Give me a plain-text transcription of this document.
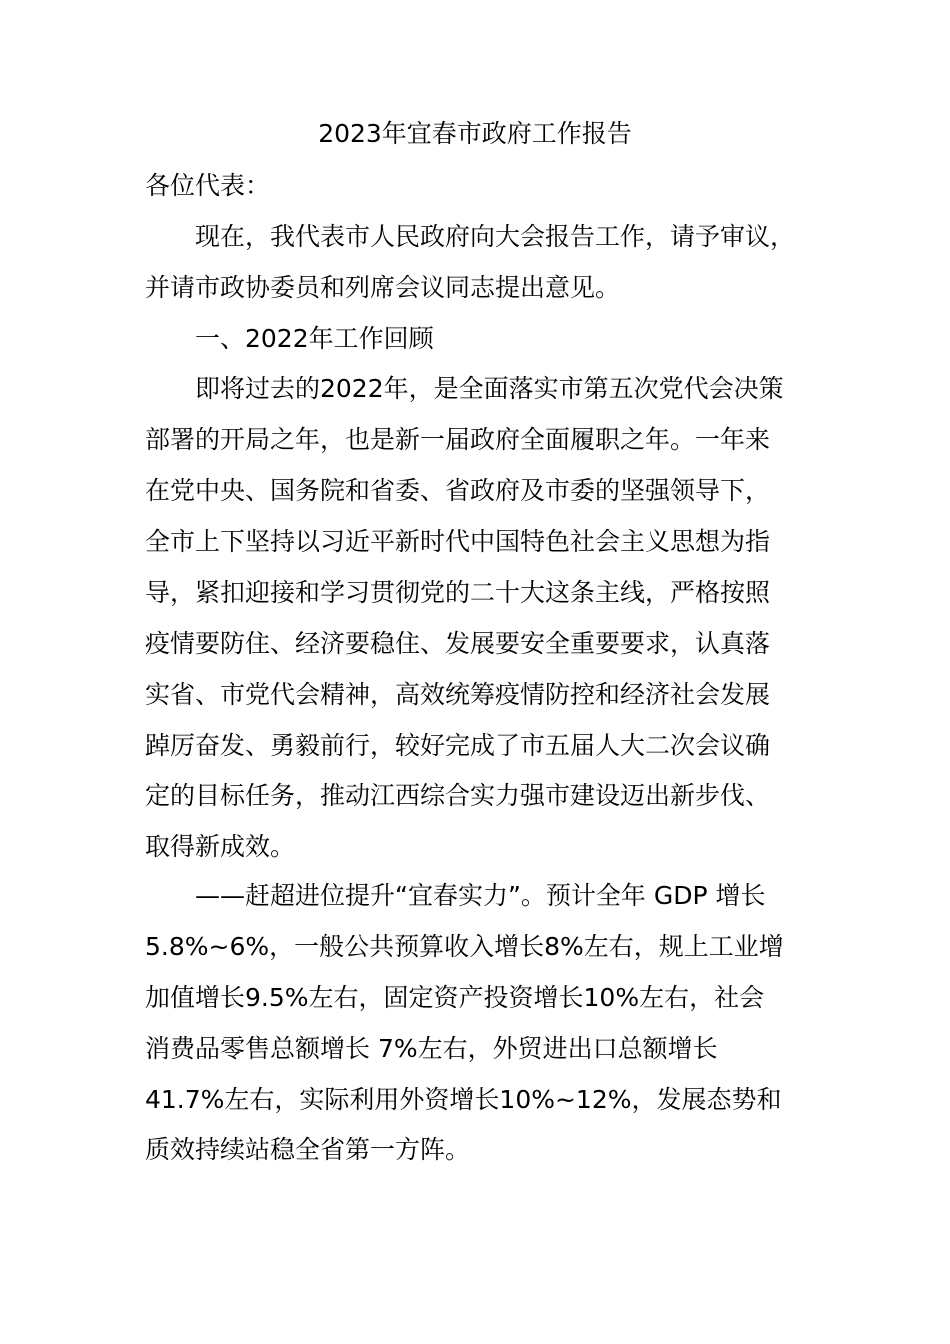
2023年宜春市政府工作报告
各位代表：
现在，我代表市人民政府向大会报告工作，请予审议，
并请市政协委员和列席会议同志提出意见。
一、2022年工作回顾
即将过去的2022年，是全面落实市第五次党代会决策
部署的开局之年，也是新一届政府全面履职之年。一年来
在党中央、国务院和省委、省政府及市委的坚强领导下，
全市上下坚持以习近平新时代中国特色社会主义思想为指
导，紧扣迎接和学习贯彻党的二十大这条主线，严格按照
疫情要防住、经济要稳住、发展要安全重要要求，认真落
实省、市党代会精神，高效统筹疫情防控和经济社会发展
踔厉奋发、勇毅前行，较好完成了市五届人大二次会议确
定的目标任务，推动江西综合实力强市建设迈出新步伐、
取得新成效。
——赶超进位提升“宜春实力”。预计全年 GDP 增长
5.8%~6%，一般公共预算收入增长8%左右，规上工业增
加值增长9.5%左右，固定资产投资增长10%左右，社会
消费品零售总额增长 7%左右，外贸进出口总额增长
41.7%左右，实际利用外资增长10%~12%，发展态势和
质效持续站稳全省第一方阵。
